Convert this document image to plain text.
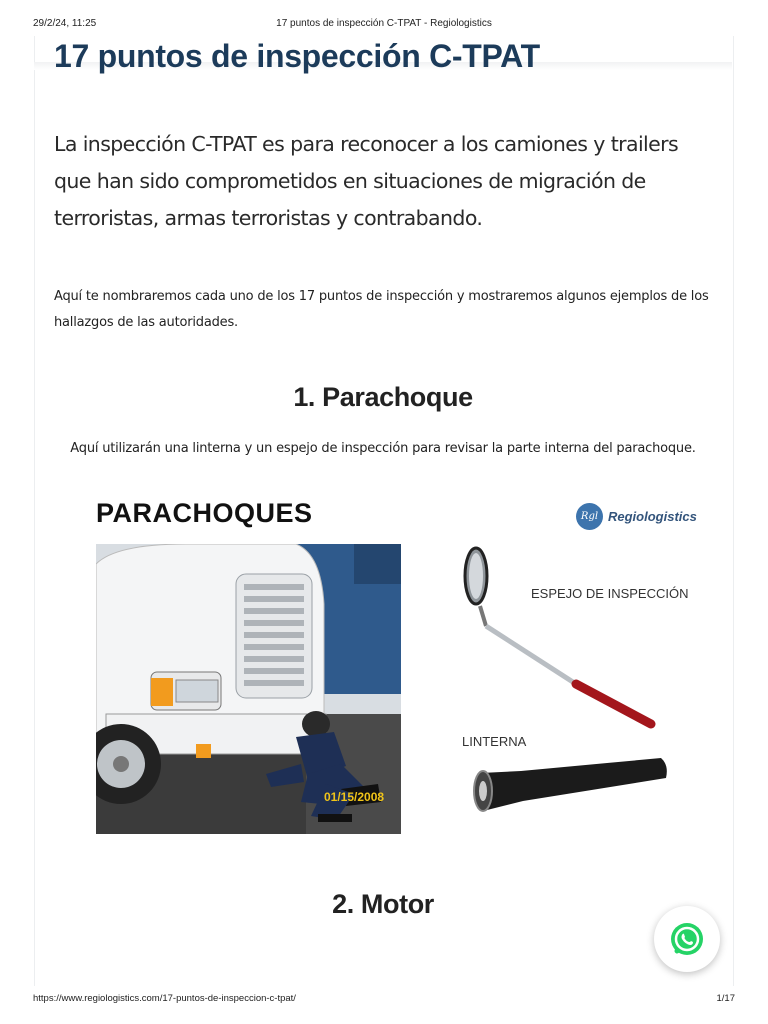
29/2/24, 11:25	17 puntos de inspección C-TPAT - Regiologistics
17 puntos de inspección C-TPAT

La inspección C-TPAT es para reconocer a los camiones y trailers que han sido comprometidos en situaciones de migración de terroristas, armas terroristas y contrabando.

Aquí te nombraremos cada uno de los 17 puntos de inspección y mostraremos algunos ejemplos de los hallazgos de las autoridades.

1. Parachoque

Aquí utilizarán una linterna y un espejo de inspección para revisar la parte interna del parachoque.

PARACHOQUES	Rgl Regiologistics
01/15/2008
ESPEJO DE INSPECCIÓN
LINTERNA
2. Motor
https://www.regiologistics.com/17-puntos-de-inspeccion-c-tpat/	1/17
